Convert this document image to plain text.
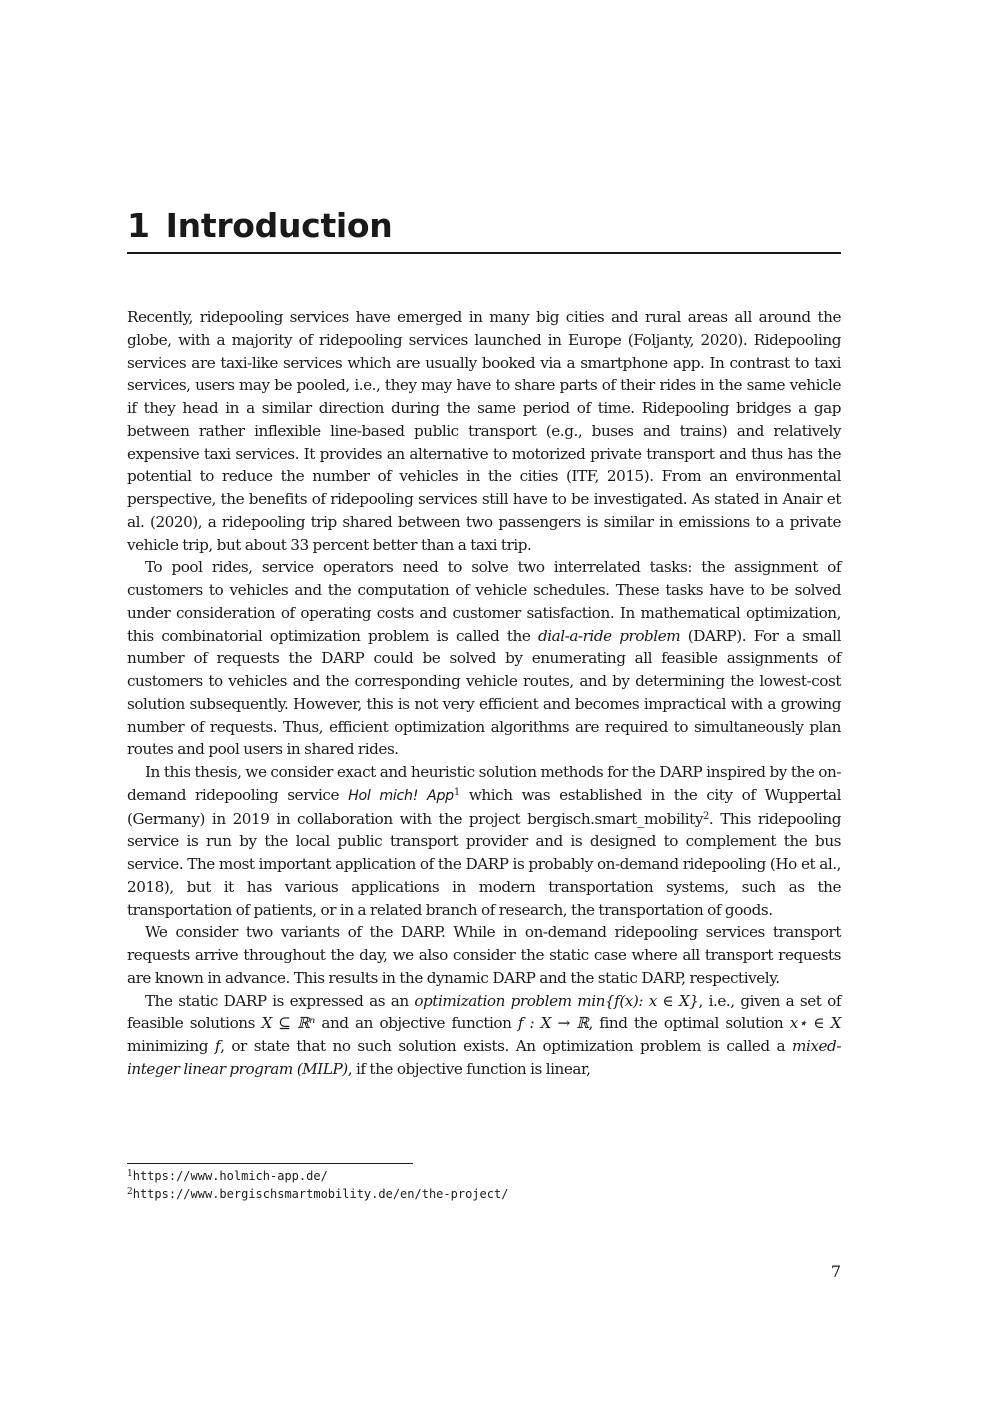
1 Introduction

Recently, ridepooling services have emerged in many big cities and rural areas all around the globe, with a majority of ridepooling services launched in Europe (Foljanty, 2020). Ridepooling services are taxi-like services which are usually booked via a smartphone app. In contrast to taxi services, users may be pooled, i.e., they may have to share parts of their rides in the same vehicle if they head in a similar direction during the same period of time. Ridepooling bridges a gap between rather inflexible line-based public transport (e.g., buses and trains) and relatively expensive taxi services. It provides an alternative to motorized private transport and thus has the potential to reduce the number of vehicles in the cities (ITF, 2015). From an environmental perspective, the benefits of ridepooling services still have to be investigated. As stated in Anair et al. (2020), a ridepooling trip shared between two passengers is similar in emissions to a private vehicle trip, but about 33 percent better than a taxi trip.

To pool rides, service operators need to solve two interrelated tasks: the assignment of customers to vehicles and the computation of vehicle schedules. These tasks have to be solved under consideration of operating costs and customer satisfaction. In mathematical optimization, this combinatorial optimization problem is called the dial-a-ride problem (DARP). For a small number of requests the DARP could be solved by enumerating all feasible assignments of customers to vehicles and the corresponding vehicle routes, and by determining the lowest-cost solution subsequently. However, this is not very efficient and becomes impractical with a growing number of requests. Thus, efficient optimization algorithms are required to simultaneously plan routes and pool users in shared rides.

In this thesis, we consider exact and heuristic solution methods for the DARP inspired by the on-demand ridepooling service Hol mich! App$^1$ which was established in the city of Wuppertal (Germany) in 2019 in collaboration with the project bergisch.smart_mobility$^2$. This ridepooling service is run by the local public transport provider and is designed to complement the bus service. The most important application of the DARP is probably on-demand ridepooling (Ho et al., 2018), but it has various applications in modern transportation systems, such as the transportation of patients, or in a related branch of research, the transportation of goods.

We consider two variants of the DARP. While in on-demand ridepooling services transport requests arrive throughout the day, we also consider the static case where all transport requests are known in advance. This results in the dynamic DARP and the static DARP, respectively.

The static DARP is expressed as an optimization problem min{f(x): x ∈ X}, i.e., given a set of feasible solutions X ⊆ ℝⁿ and an objective function f : X → ℝ, find the optimal solution x⋆ ∈ X minimizing f, or state that no such solution exists. An optimization problem is called a mixed-integer linear program (MILP), if the objective function is linear,

$^1$https://www.holmich-app.de/
$^2$https://www.bergischsmartmobility.de/en/the-project/
7
